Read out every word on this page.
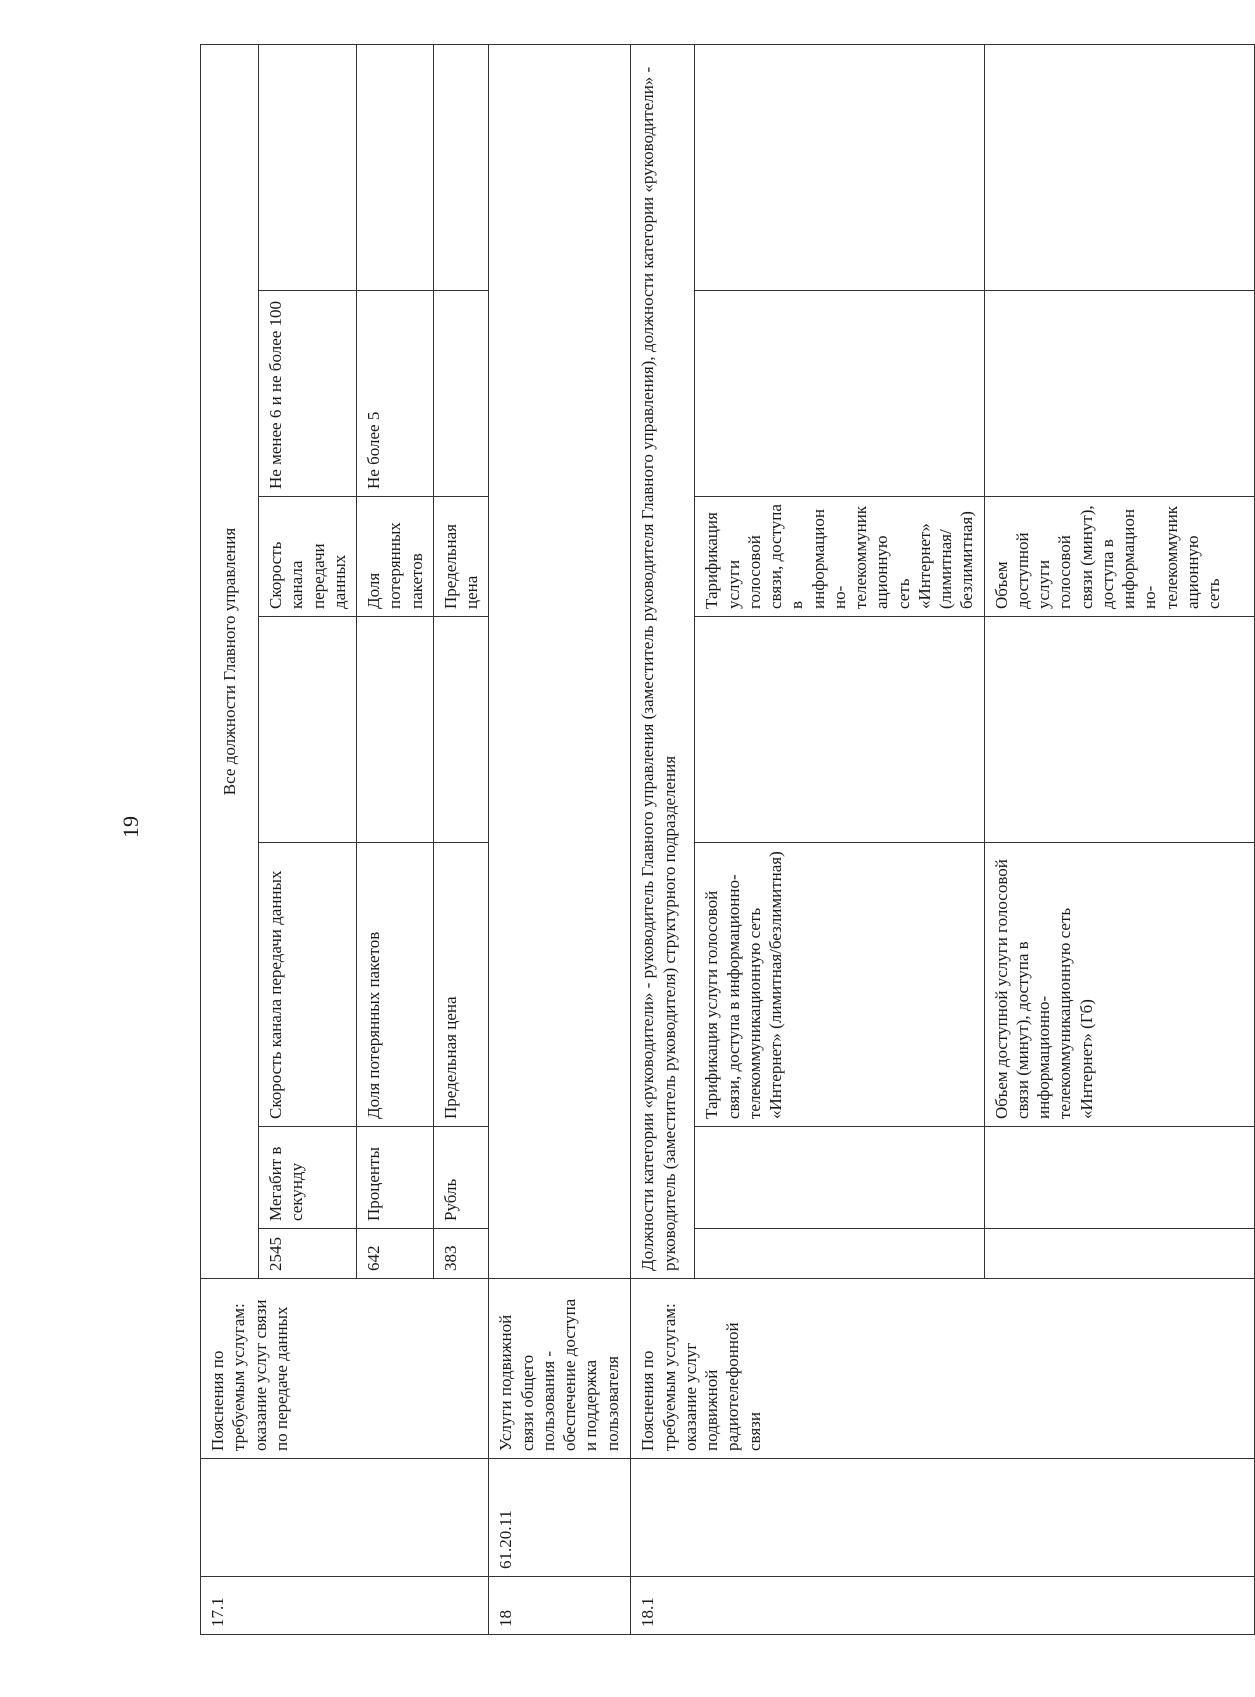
19
17.1		Пояснения по требуемым услугам: оказание услуг связи по передаче данных	Все должности Главного управления						
			2545	Мегабит в секунду	Скорость канала передачи данных		Скорость канала передачи данных	Не менее 6 и не более 100	
			642	Проценты	Доля потерянных пакетов		Доля потерянных пакетов	Не более 5	
			383	Рубль	Предельная цена		Предельная цена		
18	61.20.11	Услуги подвижной связи общего пользования - обеспечение доступа и поддержка пользователя							
18.1		Пояснения по требуемым услугам: оказание услуг подвижной радиотелефонной связи	Должности категории «руководители» - руководитель Главного управления (заместитель руководителя Главного управления), должности категории «руководители» - руководитель (заместитель руководителя) структурного подразделения						
					Тарификация услуги голосовой связи, доступа в информационно-телекоммуникационную сеть «Интернет» (лимитная/безлимитная)		Тарификация услуги голосовой связи, доступа в информационно-телекоммуникационную сеть «Интернет» (лимитная/безлимитная)		
					Объем доступной услуги голосовой связи (минут), доступа в информационно-телекоммуникационную сеть «Интернет» (Гб)		Объем доступной услуги голосовой связи (минут), доступа в информационно-телекоммуникационную сеть		
